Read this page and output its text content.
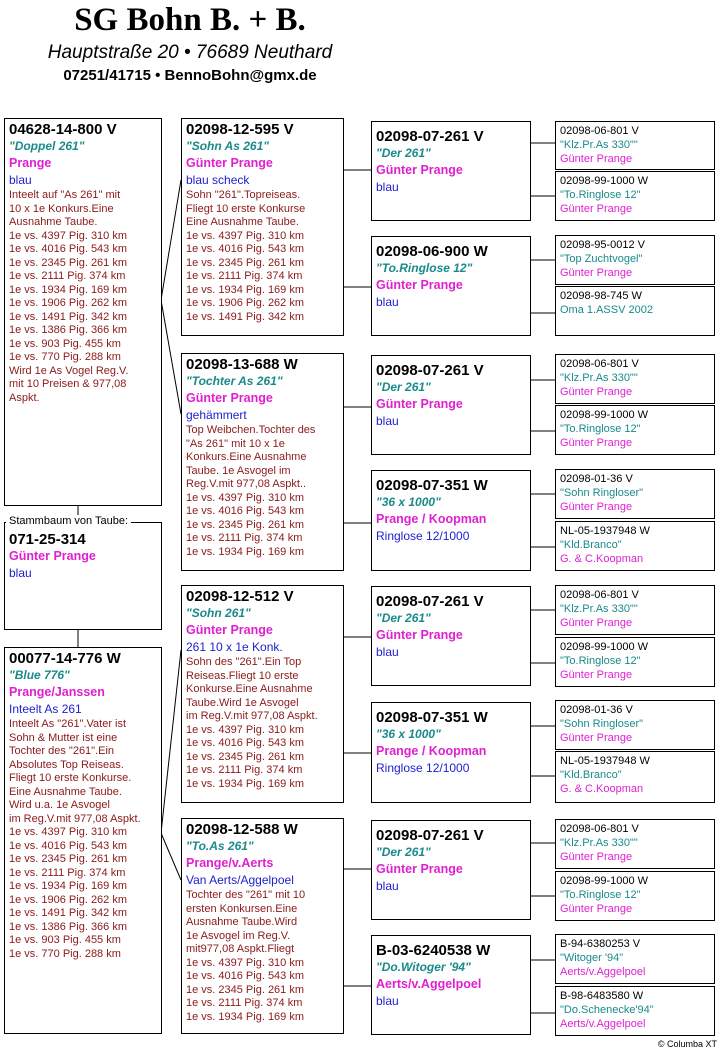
SG Bohn B. + B.
Hauptstraße 20 • 76689 Neuthard
07251/41715 • BennoBohn@gmx.de
04628-14-800 V
"Doppel 261"
Prange
blau
Inteelt auf "As 261" mit
10 x 1e Konkurs.Eine
Ausnahme Taube.
1e vs. 4397 Pig. 310 km
1e vs. 4016 Pig. 543 km
1e vs. 2345 Pig. 261 km
1e vs. 2111 Pig. 374 km
1e vs. 1934 Pig. 169 km
1e vs. 1906 Pig. 262 km
1e vs. 1491 Pig. 342 km
1e vs. 1386 Pig. 366 km
1e vs. 903 Pig. 455 km
1e vs. 770 Pig. 288 km
Wird 1e As Vogel Reg.V.
mit 10 Preisen & 977,08
Aspkt.
071-25-314
Günter Prange
blau
Stammbaum von Taube:
00077-14-776 W
"Blue 776"
Prange/Janssen
Inteelt As 261
Inteelt As "261".Vater ist
Sohn & Mutter ist eine
Tochter des "261".Ein
Absolutes Top Reiseas.
Fliegt 10 erste Konkurse.
Eine Ausnahme Taube.
Wird u.a. 1e Asvogel
im Reg.V.mit 977,08 Aspkt.
1e vs. 4397 Pig. 310 km
1e vs. 4016 Pig. 543 km
1e vs. 2345 Pig. 261 km
1e vs. 2111 Pig. 374 km
1e vs. 1934 Pig. 169 km
1e vs. 1906 Pig. 262 km
1e vs. 1491 Pig. 342 km
1e vs. 1386 Pig. 366 km
1e vs. 903 Pig. 455 km
1e vs. 770 Pig. 288 km
02098-12-595 V
"Sohn As 261"
Günter Prange
blau scheck
Sohn "261".Topreiseas.
Fliegt 10 erste Konkurse
Eine Ausnahme Taube.
1e vs. 4397 Pig. 310 km
1e vs. 4016 Pig. 543 km
1e vs. 2345 Pig. 261 km
1e vs. 2111 Pig. 374 km
1e vs. 1934 Pig. 169 km
1e vs. 1906 Pig. 262 km
1e vs. 1491 Pig. 342 km
02098-13-688 W
"Tochter As 261"
Günter Prange
gehämmert
Top Weibchen.Tochter des
"As 261" mit 10 x 1e
Konkurs.Eine Ausnahme
Taube. 1e Asvogel im
Reg.V.mit 977,08 Aspkt..
1e vs. 4397 Pig. 310 km
1e vs. 4016 Pig. 543 km
1e vs. 2345 Pig. 261 km
1e vs. 2111 Pig. 374 km
1e vs. 1934 Pig. 169 km
02098-12-512 V
"Sohn 261"
Günter Prange
261 10 x 1e Konk.
Sohn des "261".Ein Top
Reiseas.Fliegt 10 erste
Konkurse.Eine Ausnahme
Taube.Wird 1e Asvogel
im Reg.V.mit 977,08 Aspkt.
1e vs. 4397 Pig. 310 km
1e vs. 4016 Pig. 543 km
1e vs. 2345 Pig. 261 km
1e vs. 2111 Pig. 374 km
1e vs. 1934 Pig. 169 km
02098-12-588 W
"To.As 261"
Prange/v.Aerts
Van Aerts/Aggelpoel
Tochter des "261" mit 10
ersten Konkursen.Eine
Ausnahme Taube.Wird
1e Asvogel im Reg.V.
mit977,08 Aspkt.Fliegt
1e vs. 4397 Pig. 310 km
1e vs. 4016 Pig. 543 km
1e vs. 2345 Pig. 261 km
1e vs. 2111 Pig. 374 km
1e vs. 1934 Pig. 169 km
02098-07-261 V
"Der 261"
Günter Prange
blau
02098-06-900 W
"To.Ringlose 12"
Günter Prange
blau
02098-07-261 V
"Der 261"
Günter Prange
blau
02098-07-351 W
"36 x 1000"
Prange / Koopman
Ringlose 12/1000
02098-07-261 V
"Der 261"
Günter Prange
blau
02098-07-351 W
"36 x 1000"
Prange / Koopman
Ringlose 12/1000
02098-07-261 V
"Der 261"
Günter Prange
blau
B-03-6240538 W
"Do.Witoger '94"
Aerts/v.Aggelpoel
blau
02098-06-801 V
"Klz.Pr.As 330""
Günter Prange
02098-99-1000 W
"To.Ringlose 12"
Günter Prange
02098-95-0012 V
"Top Zuchtvogel"
Günter Prange
02098-98-745 W
Oma 1.ASSV 2002
02098-06-801 V
"Klz.Pr.As 330""
Günter Prange
02098-99-1000 W
"To.Ringlose 12"
Günter Prange
02098-01-36 V
"Sohn Ringloser"
Günter Prange
NL-05-1937948 W
"Kld.Branco"
G. & C.Koopman
02098-06-801 V
"Klz.Pr.As 330""
Günter Prange
02098-99-1000 W
"To.Ringlose 12"
Günter Prange
02098-01-36 V
"Sohn Ringloser"
Günter Prange
NL-05-1937948 W
"Kld.Branco"
G. & C.Koopman
02098-06-801 V
"Klz.Pr.As 330""
Günter Prange
02098-99-1000 W
"To.Ringlose 12"
Günter Prange
B-94-6380253 V
"Witoger '94"
Aerts/v.Aggelpoel
B-98-6483580 W
"Do.Schenecke'94"
Aerts/v.Aggelpoel
© Columba XT
